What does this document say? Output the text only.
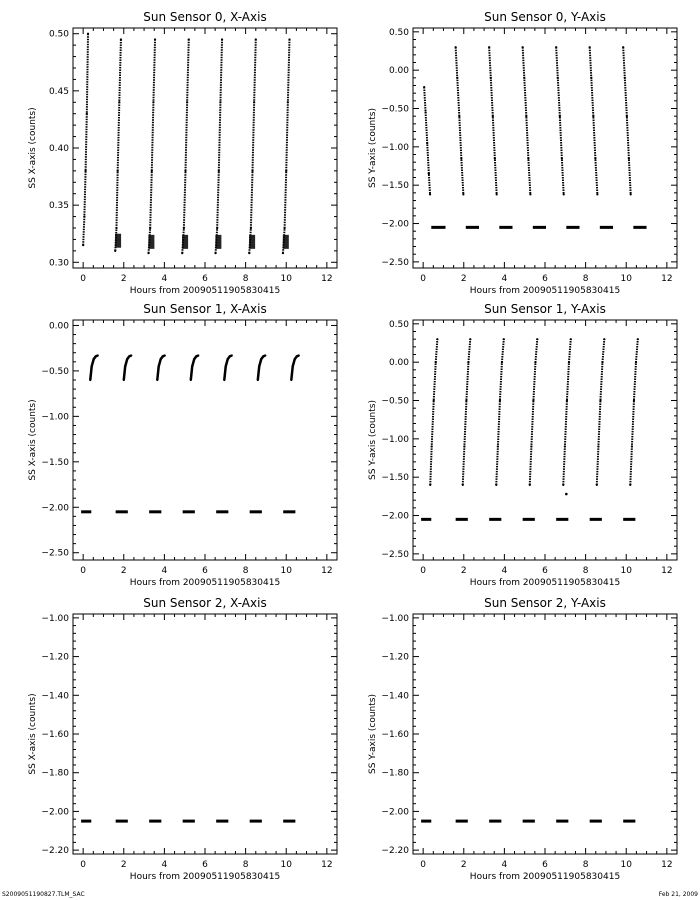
Sun Sensor 0, X-Axis
0	2	4	6	8	10	12
0.30
0.35
0.40
0.45
0.50
Hours from 20090511905830415
SS X-axis (counts)
Sun Sensor 0, Y-Axis
0	2	4	6	8	10	12
−2.50
−2.00
−1.50
−1.00
−0.50
0.00
0.50
Hours from 20090511905830415
SS Y-axis (counts)
Sun Sensor 1, X-Axis
0	2	4	6	8	10	12
−2.50
−2.00
−1.50
−1.00
−0.50
0.00
Hours from 20090511905830415
SS X-axis (counts)
Sun Sensor 1, Y-Axis
0	2	4	6	8	10	12
−2.50
−2.00
−1.50
−1.00
−0.50
0.00
0.50
Hours from 20090511905830415
SS Y-axis (counts)
Sun Sensor 2, X-Axis
0	2	4	6	8	10	12
−2.20
−2.00
−1.80
−1.60
−1.40
−1.20
−1.00
Hours from 20090511905830415
SS X-axis (counts)
Sun Sensor 2, Y-Axis
0	2	4	6	8	10	12
−2.20
−2.00
−1.80
−1.60
−1.40
−1.20
−1.00
Hours from 20090511905830415
SS Y-axis (counts)
S2009051190827.TLM_SAC	Feb 21, 2009
